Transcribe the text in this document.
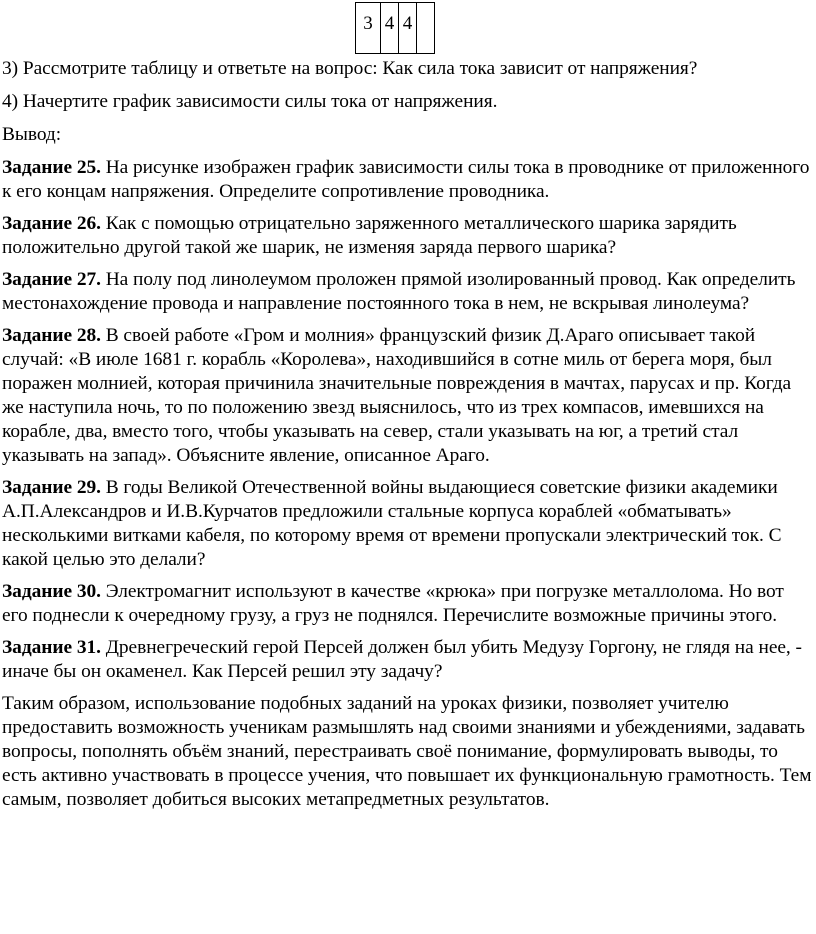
3	4	4	

3) Рассмотрите таблицу и ответьте на вопрос: Как сила тока зависит от напряжения?

4) Начертите график зависимости силы тока от напряжения.

Вывод:

Задание 25. На рисунке изображен график зависимости силы тока в проводнике от приложенного к его концам напряжения. Определите сопротивление проводника.

Задание 26. Как с помощью отрицательно заряженного металлического шарика зарядить положительно другой такой же шарик, не изменяя заряда первого шарика?

Задание 27. На полу под линолеумом проложен прямой изолированный провод. Как определить местонахождение провода и направление постоянного тока в нем, не вскрывая линолеума?

Задание 28. В своей работе «Гром и молния» французский физик Д.Араго описывает такой случай: «В июле 1681 г. корабль «Королева», находившийся в сотне миль от берега моря, был поражен молнией, которая причинила значительные повреждения в мачтах, парусах и пр. Когда же наступила ночь, то по положению звезд выяснилось, что из трех компасов, имевшихся на корабле, два, вместо того, чтобы указывать на север, стали указывать на юг, а третий стал указывать на запад». Объясните явление, описанное Араго.

Задание 29. В годы Великой Отечественной войны выдающиеся советские физики академики А.П.Александров и И.В.Курчатов предложили стальные корпуса кораблей «обматывать» несколькими витками кабеля, по которому время от времени пропускали электрический ток. С какой целью это делали?

Задание 30. Электромагнит используют в качестве «крюка» при погрузке металлолома. Но вот его поднесли к очередному грузу, а груз не поднялся. Перечислите возможные причины этого.

Задание 31. Древнегреческий герой Персей должен был убить Медузу Горгону, не глядя на нее, - иначе бы он окаменел. Как Персей решил эту задачу?

Таким образом, использование подобных заданий на уроках физики, позволяет учителю предоставить возможность ученикам размышлять над своими знаниями и убеждениями, задавать вопросы, пополнять объём знаний, перестраивать своё понимание, формулировать выводы, то есть активно участвовать в процессе учения, что повышает их функциональную грамотность. Тем самым, позволяет добиться высоких метапредметных результатов.
